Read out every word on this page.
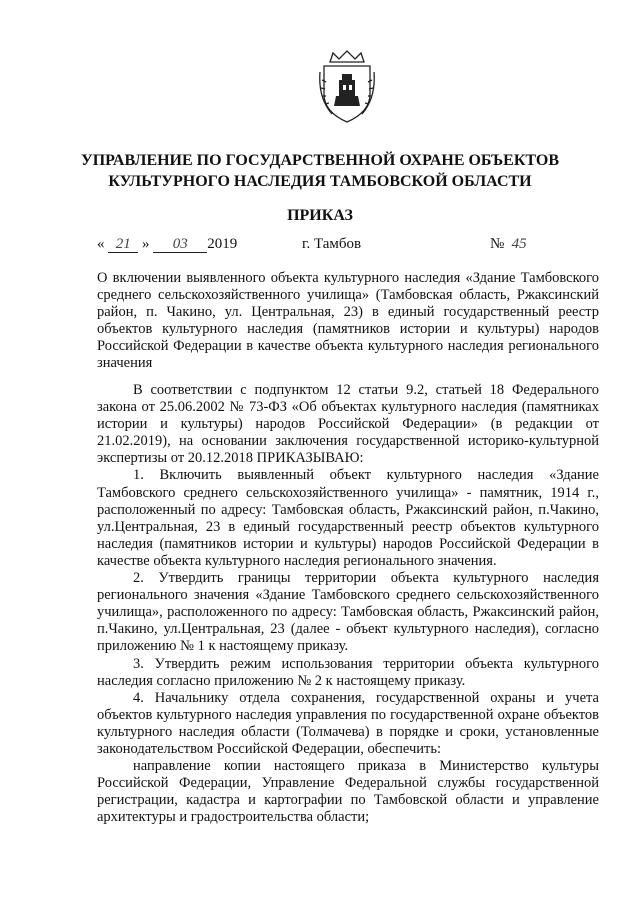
УПРАВЛЕНИЕ ПО ГОСУДАРСТВЕННОЙ ОХРАНЕ ОБЪЕКТОВ
КУЛЬТУРНОГО НАСЛЕДИЯ ТАМБОВСКОЙ ОБЛАСТИ
ПРИКАЗ
« 21 » 03 2019	г. Тамбов	№ 45

О включении выявленного объекта культурного наследия «Здание Тамбовского среднего сельскохозяйственного училища» (Тамбовская область, Ржаксинский район, п. Чакино, ул. Центральная, 23) в единый государственный реестр объектов культурного наследия (памятников истории и культуры) народов Российской Федерации в качестве объекта культурного наследия регионального значения

В соответствии с подпунктом 12 статьи 9.2, статьей 18 Федерального закона от 25.06.2002 № 73-ФЗ «Об объектах культурного наследия (памятниках истории и культуры) народов Российской Федерации» (в редакции от 21.02.2019), на основании заключения государственной историко-культурной экспертизы от 20.12.2018 ПРИКАЗЫВАЮ:

1. Включить выявленный объект культурного наследия «Здание Тамбовского среднего сельскохозяйственного училища» - памятник, 1914 г., расположенный по адресу: Тамбовская область, Ржаксинский район, п.Чакино, ул.Центральная, 23 в единый государственный реестр объектов культурного наследия (памятников истории и культуры) народов Российской Федерации в качестве объекта культурного наследия регионального значения.

2. Утвердить границы территории объекта культурного наследия регионального значения «Здание Тамбовского среднего сельскохозяйственного училища», расположенного по адресу: Тамбовская область, Ржаксинский район, п.Чакино, ул.Центральная, 23 (далее - объект культурного наследия), согласно приложению № 1 к настоящему приказу.

3. Утвердить режим использования территории объекта культурного наследия согласно приложению № 2 к настоящему приказу.

4. Начальнику отдела сохранения, государственной охраны и учета объектов культурного наследия управления по государственной охране объектов культурного наследия области (Толмачева) в порядке и сроки, установленные законодательством Российской Федерации, обеспечить:

направление копии настоящего приказа в Министерство культуры Российской Федерации, Управление Федеральной службы государственной регистрации, кадастра и картографии по Тамбовской области и управление архитектуры и градостроительства области;
